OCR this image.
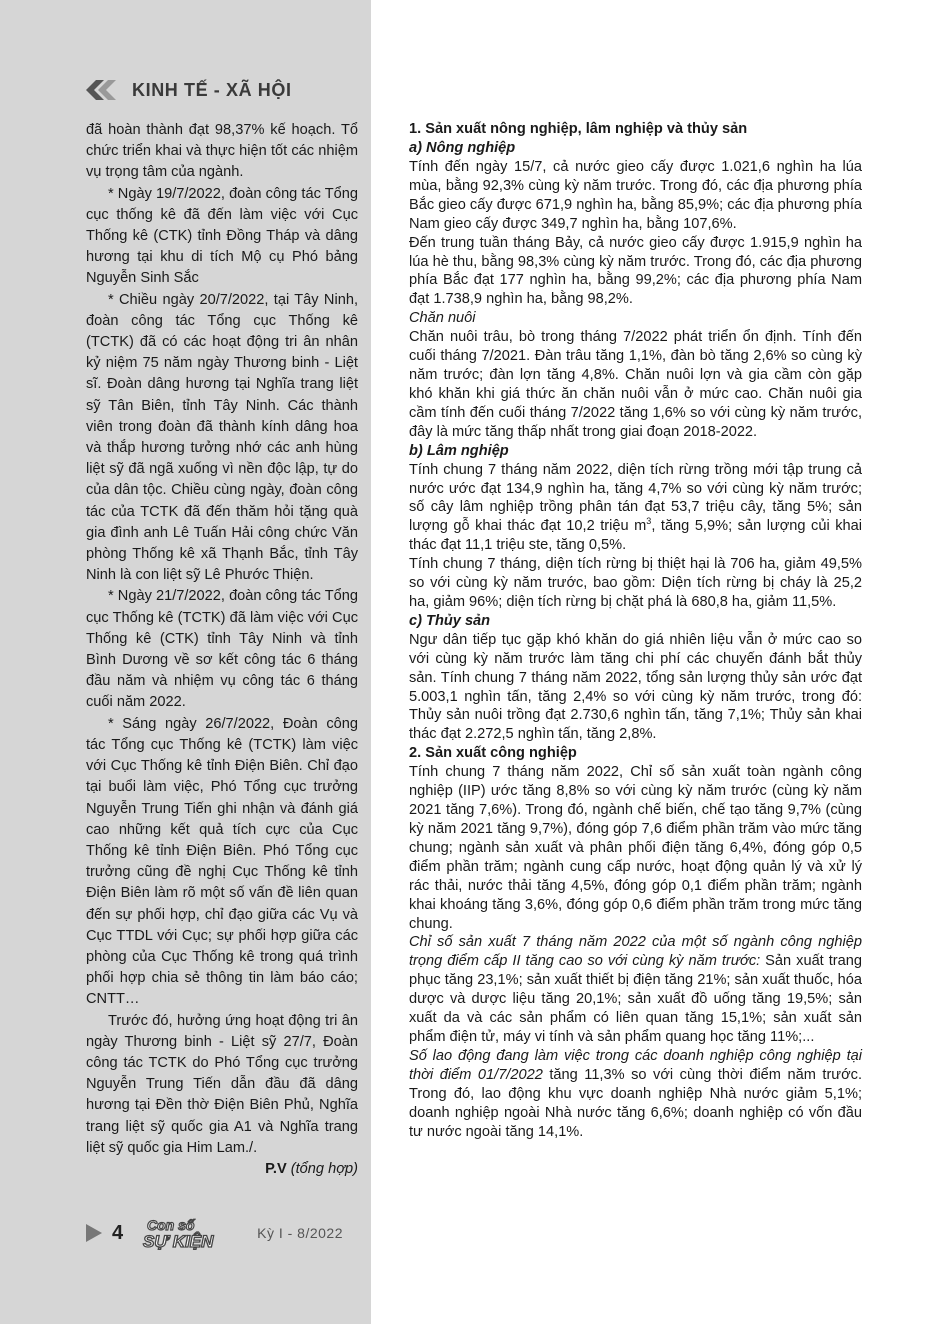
KINH TẾ - XÃ HỘI

đã hoàn thành đạt 98,37% kế hoạch. Tổ chức triển khai và thực hiện tốt các nhiệm vụ trọng tâm của ngành.

* Ngày 19/7/2022, đoàn công tác Tổng cục thống kê đã đến làm việc với Cục Thống kê (CTK) tỉnh Đồng Tháp và dâng hương tại khu di tích Mộ cụ Phó bảng Nguyễn Sinh Sắc

* Chiều ngày 20/7/2022, tại Tây Ninh, đoàn công tác Tổng cục Thống kê (TCTK) đã có các hoạt động tri ân nhân kỷ niệm 75 năm ngày Thương binh - Liệt sĩ. Đoàn dâng hương tại Nghĩa trang liệt sỹ Tân Biên, tỉnh Tây Ninh. Các thành viên trong đoàn đã thành kính dâng hoa và thắp hương tưởng nhớ các anh hùng liệt sỹ đã ngã xuống vì nền độc lập, tự do của dân tộc. Chiều cùng ngày, đoàn công tác của TCTK đã đến thăm hỏi tặng quà gia đình anh Lê Tuấn Hải công chức Văn phòng Thống kê xã Thạnh Bắc, tỉnh Tây Ninh là con liệt sỹ Lê Phước Thiện.

* Ngày 21/7/2022, đoàn công tác Tổng cục Thống kê (TCTK) đã làm việc với Cục Thống kê (CTK) tỉnh Tây Ninh và tỉnh Bình Dương về sơ kết công tác 6 tháng đầu năm và nhiệm vụ công tác 6 tháng cuối năm 2022.

* Sáng ngày 26/7/2022, Đoàn công tác Tổng cục Thống kê (TCTK) làm việc với Cục Thống kê tỉnh Điện Biên. Chỉ đạo tại buổi làm việc, Phó Tổng cục trưởng Nguyễn Trung Tiến ghi nhận và đánh giá cao những kết quả tích cực của Cục Thống kê tỉnh Điện Biên. Phó Tổng cục trưởng cũng đề nghị Cục Thống kê tỉnh Điện Biên làm rõ một số vấn đề liên quan đến sự phối hợp, chỉ đạo giữa các Vụ và Cục TTDL với Cục; sự phối hợp giữa các phòng của Cục Thống kê trong quá trình phối hợp chia sẻ thông tin làm báo cáo; CNTT…

Trước đó, hưởng ứng hoạt động tri ân ngày Thương binh - Liệt sỹ 27/7, Đoàn công tác TCTK do Phó Tổng cục trưởng Nguyễn Trung Tiến dẫn đầu đã dâng hương tại Đền thờ Điện Biên Phủ, Nghĩa trang liệt sỹ quốc gia A1 và Nghĩa trang liệt sỹ quốc gia Him Lam./.

P.V (tổng hợp)

1. Sản xuất nông nghiệp, lâm nghiệp và thủy sản
a) Nông nghiệp

Tính đến ngày 15/7, cả nước gieo cấy được 1.021,6 nghìn ha lúa mùa, bằng 92,3% cùng kỳ năm trước. Trong đó, các địa phương phía Bắc gieo cấy được 671,9 nghìn ha, bằng 85,9%; các địa phương phía Nam gieo cấy được 349,7 nghìn ha, bằng 107,6%.

Đến trung tuần tháng Bảy, cả nước gieo cấy được 1.915,9 nghìn ha lúa hè thu, bằng 98,3% cùng kỳ năm trước. Trong đó, các địa phương phía Bắc đạt 177 nghìn ha, bằng 99,2%; các địa phương phía Nam đạt 1.738,9 nghìn ha, bằng 98,2%.

Chăn nuôi

Chăn nuôi trâu, bò trong tháng 7/2022 phát triển ổn định. Tính đến cuối tháng 7/2021. Đàn trâu tăng 1,1%, đàn bò tăng 2,6% so cùng kỳ năm trước; đàn lợn tăng 4,8%. Chăn nuôi lợn và gia cầm còn gặp khó khăn khi giá thức ăn chăn nuôi vẫn ở mức cao. Chăn nuôi gia cầm tính đến cuối tháng 7/2022 tăng 1,6% so với cùng kỳ năm trước, đây là mức tăng thấp nhất trong giai đoạn 2018-2022.

b) Lâm nghiệp

Tính chung 7 tháng năm 2022, diện tích rừng trồng mới tập trung cả nước ước đạt 134,9 nghìn ha, tăng 4,7% so với cùng kỳ năm trước; số cây lâm nghiệp trồng phân tán đạt 53,7 triệu cây, tăng 5%; sản lượng gỗ khai thác đạt 10,2 triệu $m^3$, tăng 5,9%; sản lượng củi khai thác đạt 11,1 triệu ste, tăng 0,5%.

Tính chung 7 tháng, diện tích rừng bị thiệt hại là 706 ha, giảm 49,5% so với cùng kỳ năm trước, bao gồm: Diện tích rừng bị cháy là 25,2 ha, giảm 96%; diện tích rừng bị chặt phá là 680,8 ha, giảm 11,5%.

c) Thủy sản

Ngư dân tiếp tục gặp khó khăn do giá nhiên liệu vẫn ở mức cao so với cùng kỳ năm trước làm tăng chi phí các chuyến đánh bắt thủy sản. Tính chung 7 tháng năm 2022, tổng sản lượng thủy sản ước đạt 5.003,1 nghìn tấn, tăng 2,4% so với cùng kỳ năm trước, trong đó: Thủy sản nuôi trồng đạt 2.730,6 nghìn tấn, tăng 7,1%; Thủy sản khai thác đạt 2.272,5 nghìn tấn, tăng 2,8%.

2. Sản xuất công nghiệp

Tính chung 7 tháng năm 2022, Chỉ số sản xuất toàn ngành công nghiệp (IIP) ước tăng 8,8% so với cùng kỳ năm trước (cùng kỳ năm 2021 tăng 7,6%). Trong đó, ngành chế biến, chế tạo tăng 9,7% (cùng kỳ năm 2021 tăng 9,7%), đóng góp 7,6 điểm phần trăm vào mức tăng chung; ngành sản xuất và phân phối điện tăng 6,4%, đóng góp 0,5 điểm phần trăm; ngành cung cấp nước, hoạt động quản lý và xử lý rác thải, nước thải tăng 4,5%, đóng góp 0,1 điểm phần trăm; ngành khai khoáng tăng 3,6%, đóng góp 0,6 điểm phần trăm trong mức tăng chung.

Chỉ số sản xuất 7 tháng năm 2022 của một số ngành công nghiệp trọng điểm cấp II tăng cao so với cùng kỳ năm trước: Sản xuất trang phục tăng 23,1%; sản xuất thiết bị điện tăng 21%; sản xuất thuốc, hóa dược và dược liệu tăng 20,1%; sản xuất đồ uống tăng 19,5%; sản xuất da và các sản phẩm có liên quan tăng 15,1%; sản xuất sản phẩm điện tử, máy vi tính và sản phẩm quang học tăng 11%;...

Số lao động đang làm việc trong các doanh nghiệp công nghiệp tại thời điểm 01/7/2022 tăng 11,3% so với cùng thời điểm năm trước. Trong đó, lao động khu vực doanh nghiệp Nhà nước giảm 5,1%; doanh nghiệp ngoài Nhà nước tăng 6,6%; doanh nghiệp có vốn đầu tư nước ngoài tăng 14,1%.

4 Con số
SỰ KIỆN	Kỳ I - 8/2022
